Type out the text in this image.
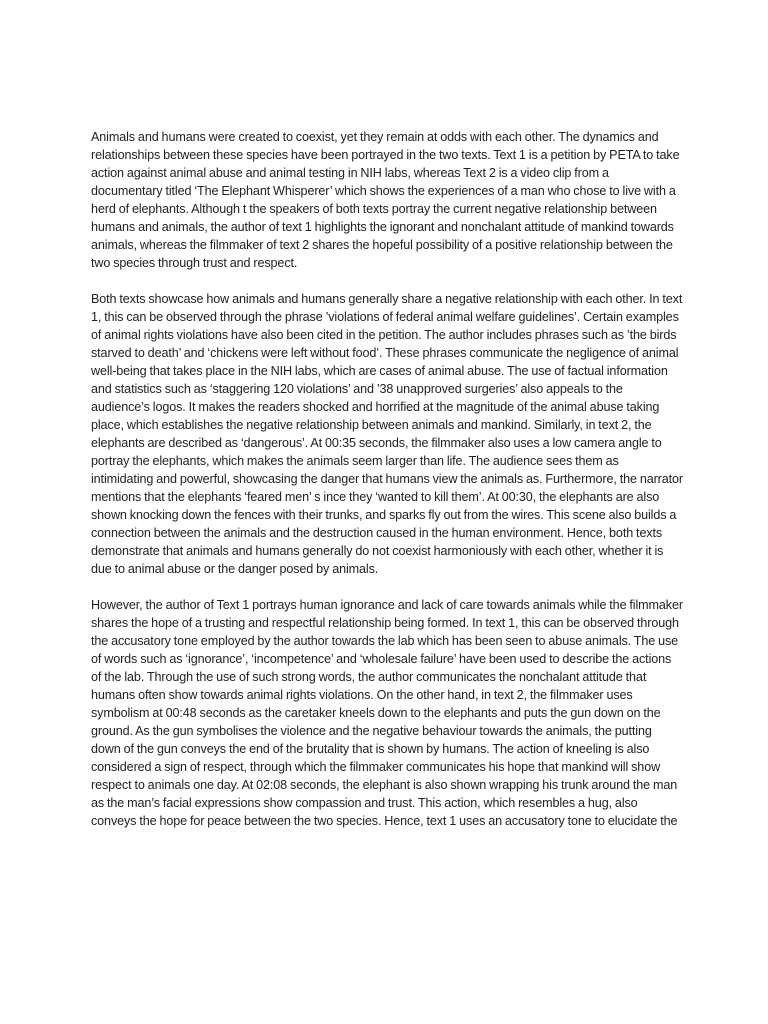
Animals and humans were created to coexist, yet they remain at odds with each other. The dynamics and relationships between these species have been portrayed in the two texts. Text 1 is a petition by PETA to take action against animal abuse and animal testing in NIH labs, whereas Text 2 is a video clip from a documentary titled ‘The Elephant Whisperer’ which shows the experiences of a man who chose to live with a herd of elephants. Although t the speakers of both texts portray the current negative relationship between humans and animals, the author of text 1 highlights the ignorant and nonchalant attitude of mankind towards animals, whereas the filmmaker of text 2 shares the hopeful possibility of a positive relationship between the two species through trust and respect.

Both texts showcase how animals and humans generally share a negative relationship with each other. In text 1, this can be observed through the phrase ’violations of federal animal welfare guidelines’. Certain examples of animal rights violations have also been cited in the petition. The author includes phrases such as ’the birds starved to death’ and ‘chickens were left without food’. These phrases communicate the negligence of animal well-being that takes place in the NIH labs, which are cases of animal abuse. The use of factual information and statistics such as ‘staggering 120 violations’ and ’38 unapproved surgeries’ also appeals to the audience’s logos. It makes the readers shocked and horrified at the magnitude of the animal abuse taking place, which establishes the negative relationship between animals and mankind. Similarly, in text 2, the elephants are described as ‘dangerous’. At 00:35 seconds, the filmmaker also uses a low camera angle to portray the elephants, which makes the animals seem larger than life. The audience sees them as intimidating and powerful, showcasing the danger that humans view the animals as. Furthermore, the narrator mentions that the elephants ‘feared men’ s ince they ‘wanted to kill them’. At 00:30, the elephants are also shown knocking down the fences with their trunks, and sparks fly out from the wires. This scene also builds a connection between the animals and the destruction caused in the human environment. Hence, both texts demonstrate that animals and humans generally do not coexist harmoniously with each other, whether it is due to animal abuse or the danger posed by animals.

However, the author of Text 1 portrays human ignorance and lack of care towards animals while the filmmaker shares the hope of a trusting and respectful relationship being formed. In text 1, this can be observed through the accusatory tone employed by the author towards the lab which has been seen to abuse animals. The use of words such as ‘ignorance’, ‘incompetence’ and ‘wholesale failure’ have been used to describe the actions of the lab. Through the use of such strong words, the author communicates the nonchalant attitude that humans often show towards animal rights violations. On the other hand, in text 2, the filmmaker uses symbolism at 00:48 seconds as the caretaker kneels down to the elephants and puts the gun down on the ground. As the gun symbolises the violence and the negative behaviour towards the animals, the putting down of the gun conveys the end of the brutality that is shown by humans. The action of kneeling is also considered a sign of respect, through which the filmmaker communicates his hope that mankind will show respect to animals one day. At 02:08 seconds, the elephant is also shown wrapping his trunk around the man as the man’s facial expressions show compassion and trust. This action, which resembles a hug, also conveys the hope for peace between the two species. Hence, text 1 uses an accusatory tone to elucidate the
